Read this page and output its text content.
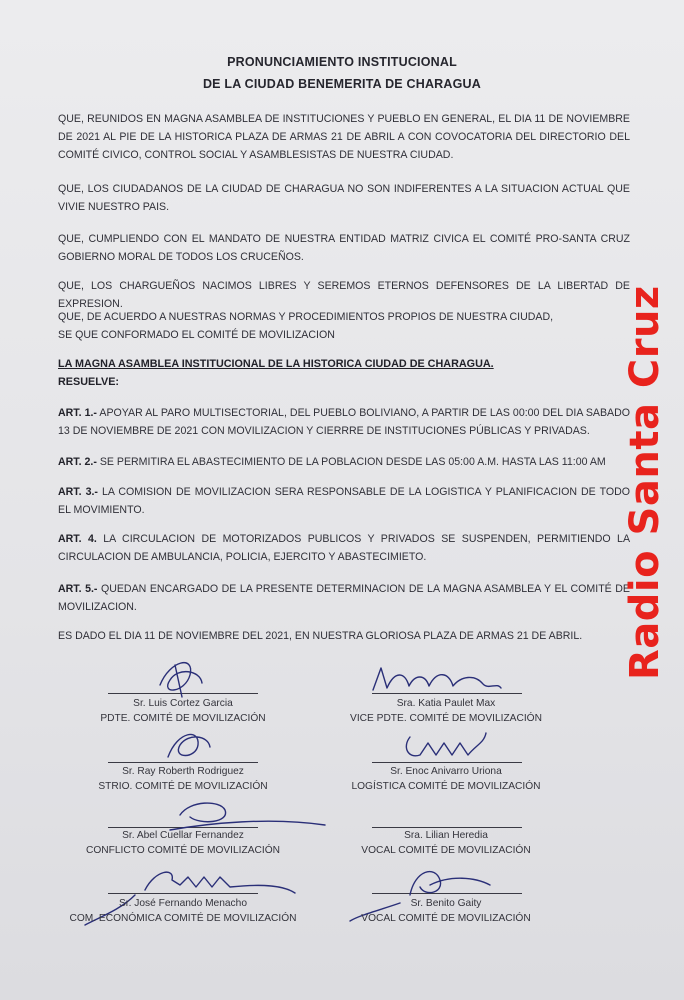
PRONUNCIAMIENTO INSTITUCIONAL
DE LA CIUDAD BENEMERITA DE CHARAGUA
QUE, REUNIDOS EN MAGNA ASAMBLEA DE INSTITUCIONES Y PUEBLO EN GENERAL, EL DIA 11 DE NOVIEMBRE DE 2021 AL PIE DE LA HISTORICA PLAZA DE ARMAS 21 DE ABRIL A CON COVOCATORIA DEL DIRECTORIO DEL COMITÉ CIVICO, CONTROL SOCIAL Y ASAMBLESISTAS DE NUESTRA CIUDAD.
QUE, LOS CIUDADANOS DE LA CIUDAD DE CHARAGUA NO SON INDIFERENTES A LA SITUACION ACTUAL QUE VIVIE NUESTRO PAIS.
QUE, CUMPLIENDO CON EL MANDATO DE NUESTRA ENTIDAD MATRIZ CIVICA EL COMITÉ PRO-SANTA CRUZ GOBIERNO MORAL DE TODOS LOS CRUCEÑOS.
QUE, LOS CHARGUEÑOS NACIMOS LIBRES Y SEREMOS ETERNOS DEFENSORES DE LA LIBERTAD DE EXPRESION.
QUE, DE ACUERDO A NUESTRAS NORMAS Y PROCEDIMIENTOS PROPIOS DE NUESTRA CIUDAD,
SE QUE CONFORMADO EL COMITÉ DE MOVILIZACION
LA MAGNA ASAMBLEA INSTITUCIONAL DE LA HISTORICA CIUDAD DE CHARAGUA.
RESUELVE:
ART. 1.- APOYAR AL PARO MULTISECTORIAL, DEL PUEBLO BOLIVIANO, A PARTIR DE LAS 00:00 DEL DIA SABADO 13 DE NOVIEMBRE DE 2021 CON MOVILIZACION Y CIERRRE DE INSTITUCIONES PÚBLICAS Y PRIVADAS.
ART. 2.- SE PERMITIRA EL ABASTECIMIENTO DE LA POBLACION DESDE LAS 05:00 A.M. HASTA LAS 11:00 AM
ART. 3.- LA COMISION DE MOVILIZACION SERA RESPONSABLE DE LA LOGISTICA Y PLANIFICACION DE TODO EL MOVIMIENTO.
ART. 4. LA CIRCULACION DE MOTORIZADOS PUBLICOS Y PRIVADOS SE SUSPENDEN, PERMITIENDO LA CIRCULACION DE AMBULANCIA, POLICIA, EJERCITO Y ABASTECIMIETO.
ART. 5.- QUEDAN ENCARGADO DE LA PRESENTE DETERMINACION DE LA MAGNA ASAMBLEA Y EL COMITÉ DE MOVILIZACION.
ES DADO EL DIA 11 DE NOVIEMBRE DEL 2021, EN NUESTRA GLORIOSA PLAZA DE ARMAS 21 DE ABRIL.
Sr. Luis Cortez Garcia
PDTE. COMITÉ DE MOVILIZACIÓN
Sr. Ray Roberth Rodriguez
STRIO. COMITÉ DE MOVILIZACIÓN
Sr. Abel Cuellar Fernandez
CONFLICTO COMITÉ DE MOVILIZACIÓN
Sr. José Fernando Menacho
COM. ECONÓMICA COMITÉ DE MOVILIZACIÓN
Sra. Katia Paulet Max
VICE PDTE. COMITÉ DE MOVILIZACIÓN
Sr. Enoc Anivarro Uriona
LOGÍSTICA COMITÉ DE MOVILIZACIÓN
Sra. Lilian Heredia
VOCAL COMITÉ DE MOVILIZACIÓN
Sr. Benito Gaity
VOCAL COMITÉ DE MOVILIZACIÓN
Radio Santa Cruz
